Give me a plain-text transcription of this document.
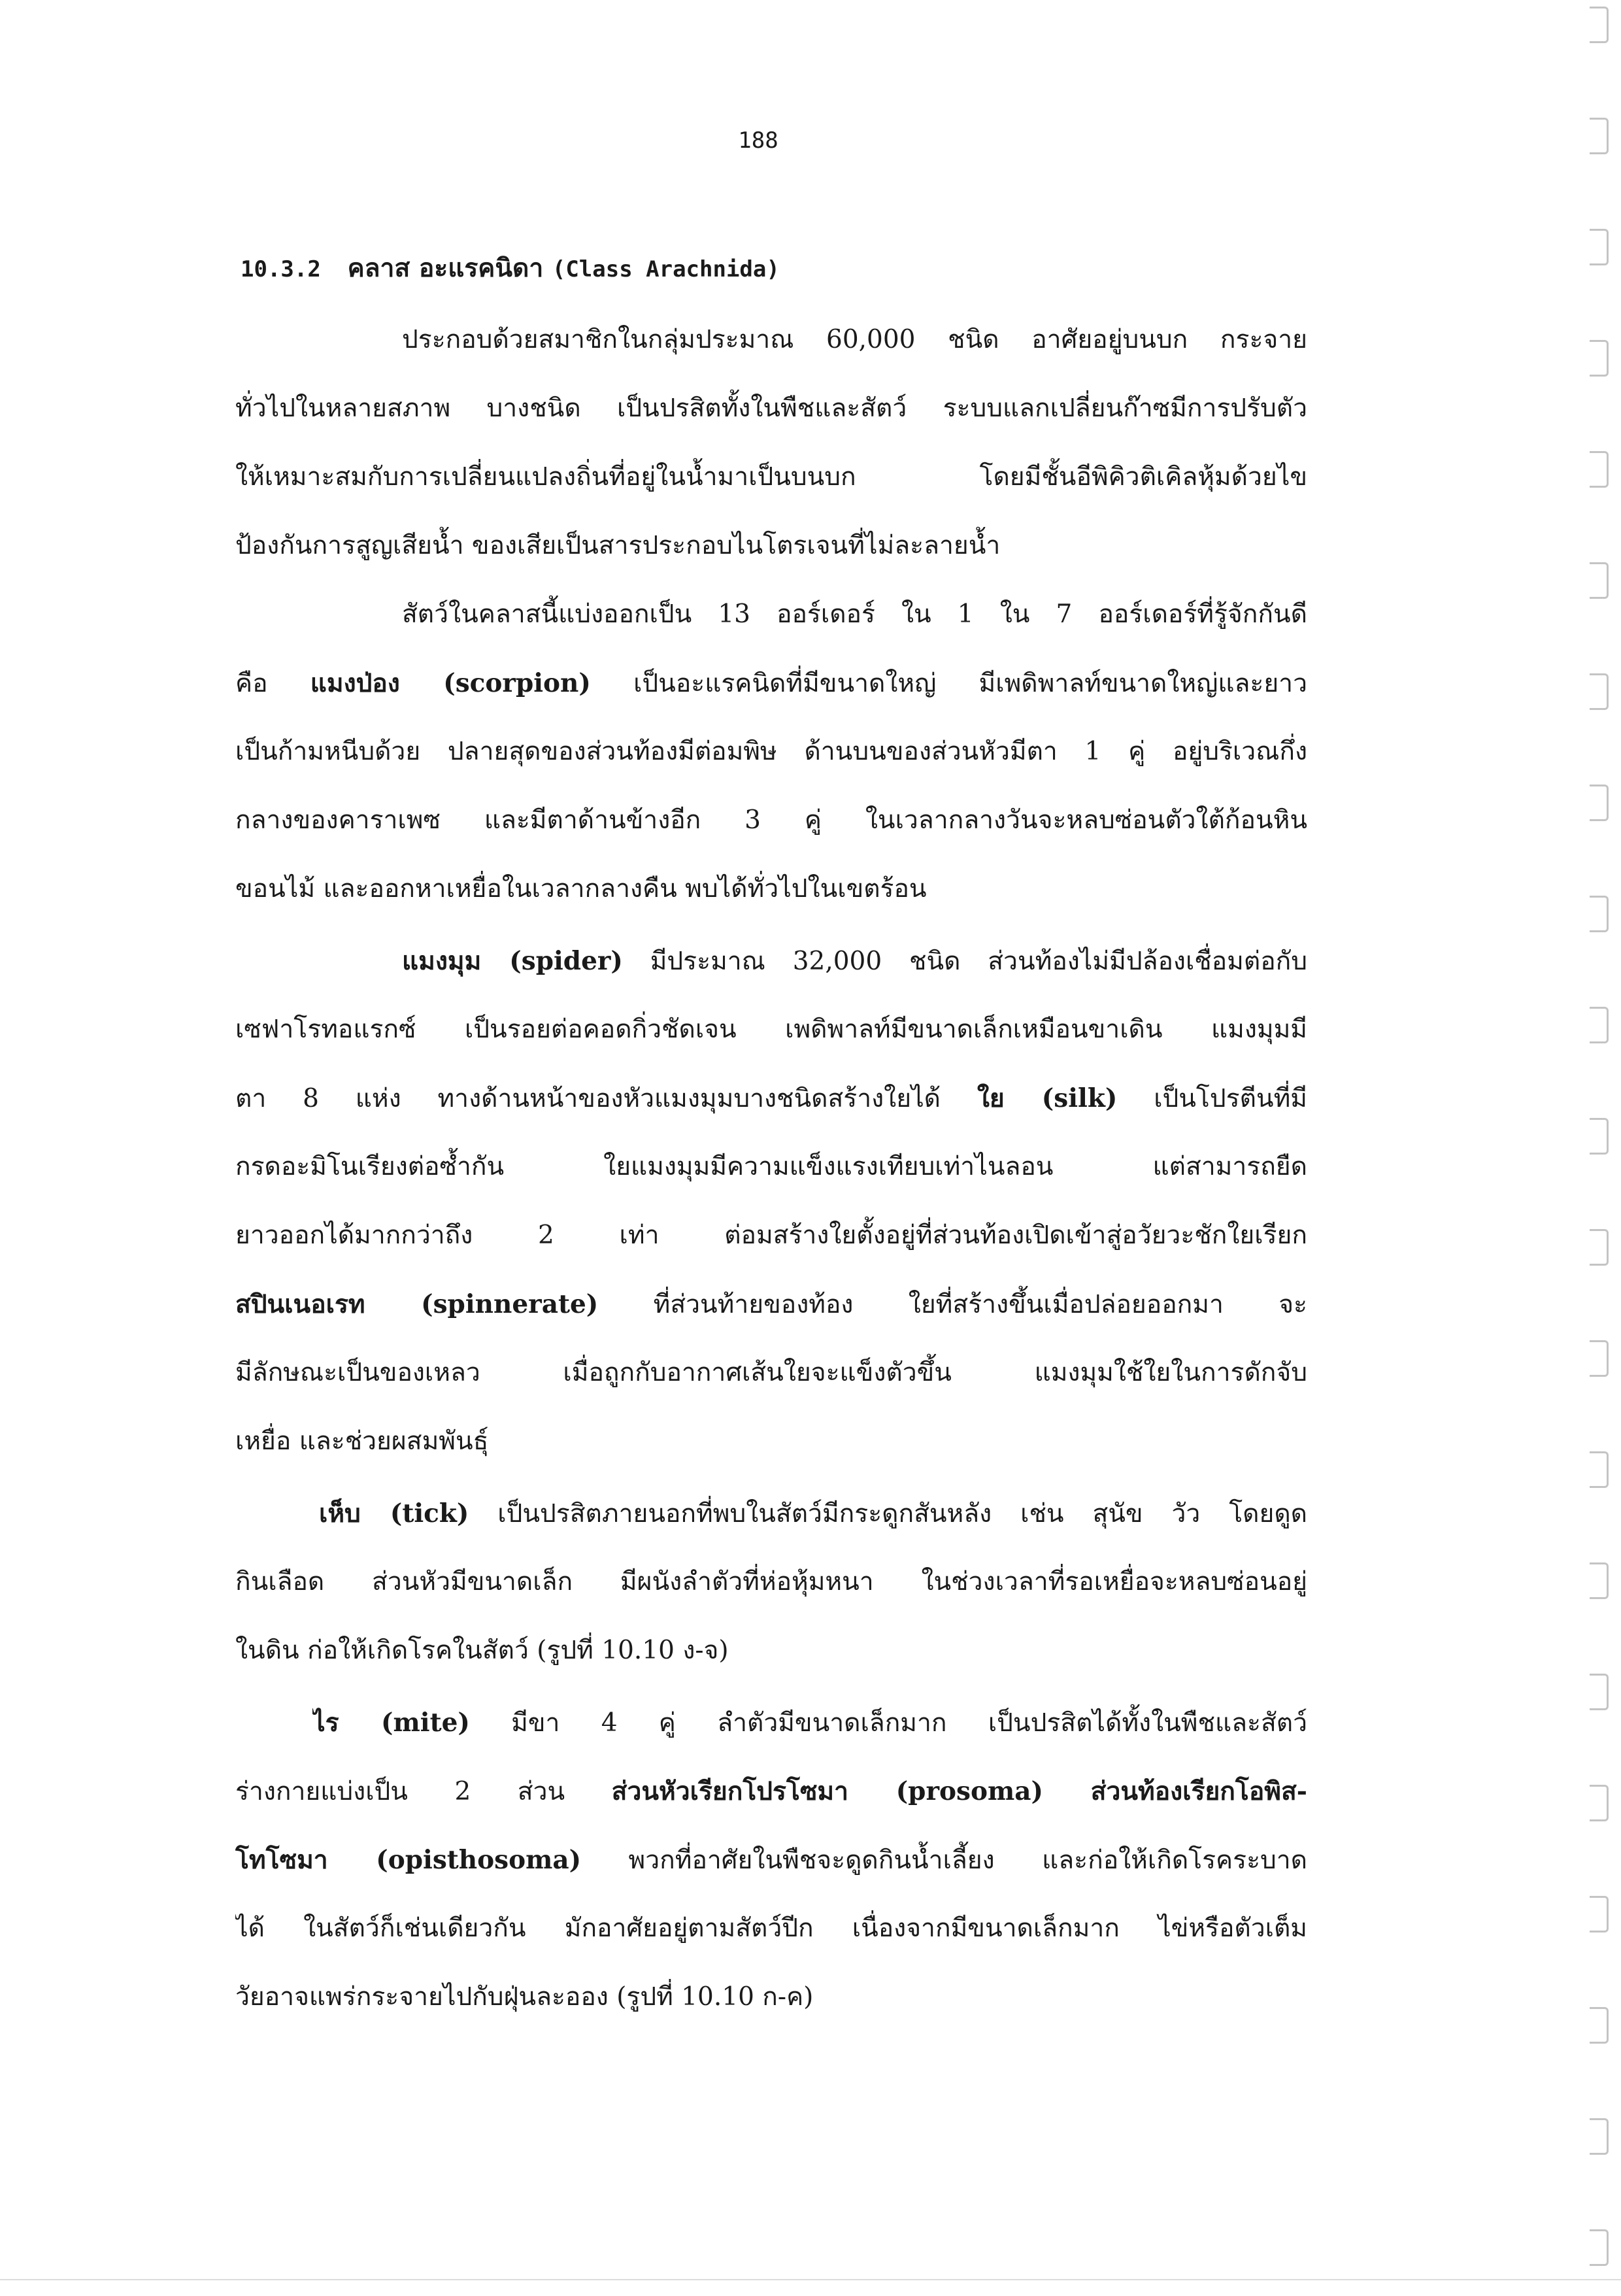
188
10.3.2 คลาส อะแรคนิดา (Class Arachnida)
ประกอบด้วยสมาชิกในกลุ่มประมาณ 60,000 ชนิด อาศัยอยู่บนบก กระจาย
ทั่วไปในหลายสภาพ บางชนิด เป็นปรสิตทั้งในพืชและสัตว์ ระบบแลกเปลี่ยนก๊าซมีการปรับตัว
ให้เหมาะสมกับการเปลี่ยนแปลงถิ่นที่อยู่ในน้ำมาเป็นบนบก โดยมีชั้นอีพิคิวติเคิลหุ้มด้วยไข
ป้องกันการสูญเสียน้ำ ของเสียเป็นสารประกอบไนโตรเจนที่ไม่ละลายน้ำ
สัตว์ในคลาสนี้แบ่งออกเป็น 13 ออร์เดอร์ ใน 1 ใน 7 ออร์เดอร์ที่รู้จักกันดี
คือ แมงป่อง (scorpion) เป็นอะแรคนิดที่มีขนาดใหญ่ มีเพดิพาลท์ขนาดใหญ่และยาว
เป็นก้ามหนีบด้วย ปลายสุดของส่วนท้องมีต่อมพิษ ด้านบนของส่วนหัวมีตา 1 คู่ อยู่บริเวณกึ่ง
กลางของคาราเพซ และมีตาด้านข้างอีก 3 คู่ ในเวลากลางวันจะหลบซ่อนตัวใต้ก้อนหิน
ขอนไม้ และออกหาเหยื่อในเวลากลางคืน พบได้ทั่วไปในเขตร้อน
แมงมุม (spider) มีประมาณ 32,000 ชนิด ส่วนท้องไม่มีปล้องเชื่อมต่อกับ
เซฟาโรทอแรกซ์ เป็นรอยต่อคอดกิ่วชัดเจน เพดิพาลท์มีขนาดเล็กเหมือนขาเดิน แมงมุมมี
ตา 8 แห่ง ทางด้านหน้าของหัวแมงมุมบางชนิดสร้างใยได้ ใย (silk) เป็นโปรตีนที่มี
กรดอะมิโนเรียงต่อซ้ำกัน ใยแมงมุมมีความแข็งแรงเทียบเท่าไนลอน แต่สามารถยืด
ยาวออกได้มากกว่าถึง 2 เท่า ต่อมสร้างใยตั้งอยู่ที่ส่วนท้องเปิดเข้าสู่อวัยวะชักใยเรียก
สปินเนอเรท (spinnerate) ที่ส่วนท้ายของท้อง ใยที่สร้างขึ้นเมื่อปล่อยออกมา จะ
มีลักษณะเป็นของเหลว เมื่อถูกกับอากาศเส้นใยจะแข็งตัวขึ้น แมงมุมใช้ใยในการดักจับ
เหยื่อ และช่วยผสมพันธุ์
เห็บ (tick) เป็นปรสิตภายนอกที่พบในสัตว์มีกระดูกสันหลัง เช่น สุนัข วัว โดยดูด
กินเลือด ส่วนหัวมีขนาดเล็ก มีผนังลำตัวที่ห่อหุ้มหนา ในช่วงเวลาที่รอเหยื่อจะหลบซ่อนอยู่
ในดิน ก่อให้เกิดโรคในสัตว์ (รูปที่ 10.10 ง-จ)
ไร (mite) มีขา 4 คู่ ลำตัวมีขนาดเล็กมาก เป็นปรสิตได้ทั้งในพืชและสัตว์
ร่างกายแบ่งเป็น 2 ส่วน ส่วนหัวเรียกโปรโซมา (prosoma) ส่วนท้องเรียกโอพิส-
โทโซมา (opisthosoma) พวกที่อาศัยในพืชจะดูดกินน้ำเลี้ยง และก่อให้เกิดโรคระบาด
ได้ ในสัตว์ก็เช่นเดียวกัน มักอาศัยอยู่ตามสัตว์ปีก เนื่องจากมีขนาดเล็กมาก ไข่หรือตัวเต็ม
วัยอาจแพร่กระจายไปกับฝุ่นละออง (รูปที่ 10.10 ก-ค)
